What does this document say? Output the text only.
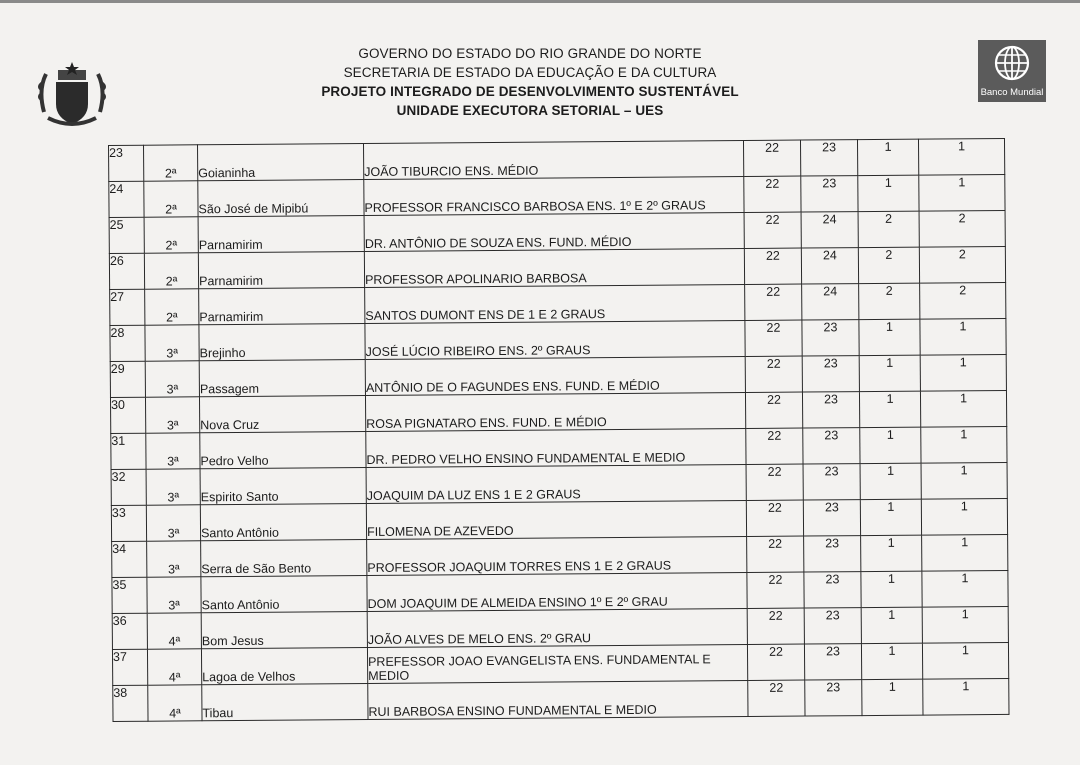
GOVERNO DO ESTADO DO RIO GRANDE DO NORTE
SECRETARIA DE ESTADO DA EDUCAÇÃO E DA CULTURA
PROJETO INTEGRADO DE DESENVOLVIMENTO SUSTENTÁVEL
UNIDADE EXECUTORA SETORIAL – UES
Banco Mundial
23	2ª	Goianinha	JOÃO TIBURCIO ENS. MÉDIO	22	23	1	1
24	2ª	São José de Mipibú	PROFESSOR FRANCISCO BARBOSA ENS. 1º E 2º GRAUS	22	23	1	1
25	2ª	Parnamirim	DR. ANTÔNIO DE SOUZA ENS. FUND. MÉDIO	22	24	2	2
26	2ª	Parnamirim	PROFESSOR APOLINARIO BARBOSA	22	24	2	2
27	2ª	Parnamirim	SANTOS DUMONT ENS DE 1 E 2 GRAUS	22	24	2	2
28	3ª	Brejinho	JOSÉ LÚCIO RIBEIRO ENS. 2º GRAUS	22	23	1	1
29	3ª	Passagem	ANTÔNIO DE O FAGUNDES ENS. FUND. E MÉDIO	22	23	1	1
30	3ª	Nova Cruz	ROSA PIGNATARO ENS. FUND. E MÉDIO	22	23	1	1
31	3ª	Pedro Velho	DR. PEDRO VELHO ENSINO FUNDAMENTAL E MEDIO	22	23	1	1
32	3ª	Espirito Santo	JOAQUIM DA LUZ ENS 1 E 2 GRAUS	22	23	1	1
33	3ª	Santo Antônio	FILOMENA DE AZEVEDO	22	23	1	1
34	3ª	Serra de São Bento	PROFESSOR JOAQUIM TORRES ENS 1 E 2 GRAUS	22	23	1	1
35	3ª	Santo Antônio	DOM JOAQUIM DE ALMEIDA ENSINO 1º E 2º GRAU	22	23	1	1
36	4ª	Bom Jesus	JOÃO ALVES DE MELO ENS. 2º GRAU	22	23	1	1
37	4ª	Lagoa de Velhos	PREFESSOR JOAO EVANGELISTA ENS. FUNDAMENTAL E MEDIO	22	23	1	1
38	4ª	Tibau	RUI BARBOSA ENSINO FUNDAMENTAL E MEDIO	22	23	1	1
